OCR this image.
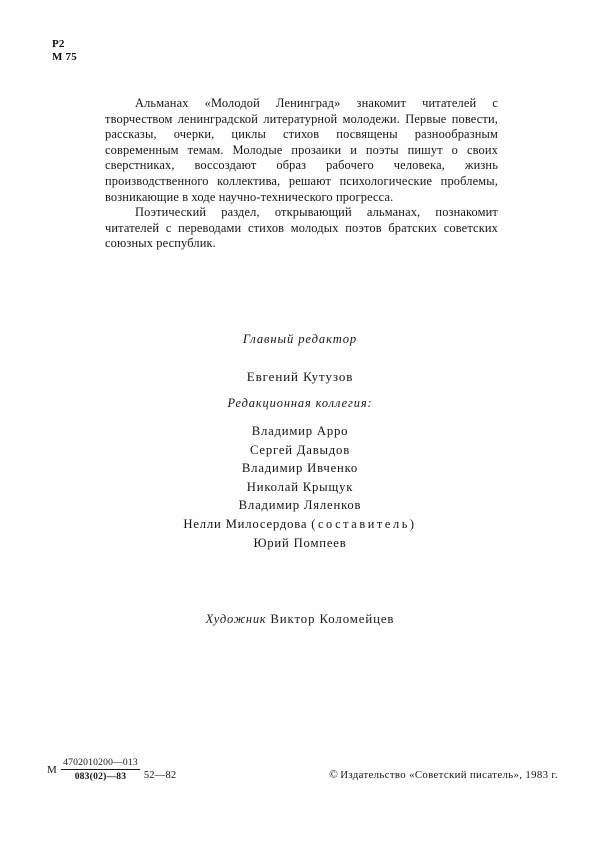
Р2
М 75

Альманах «Молодой Ленинград» знакомит читателей с творчеством ленинградской литературной молодежи. Первые повести, рассказы, очерки, циклы стихов посвящены разнообразным современным темам. Молодые прозаики и поэты пишут о своих сверстниках, воссоздают образ рабочего человека, жизнь производственного коллектива, решают психологические проблемы, возникающие в ходе научно-технического прогресса.

Поэтический раздел, открывающий альманах, познакомит читателей с переводами стихов молодых поэтов братских советских союзных республик.

Главный редактор
Евгений Кутузов
Редакционная коллегия:
Владимир Арро
Сергей Давыдов
Владимир Ивченко
Николай Крыщук
Владимир Ляленков
Нелли Милосердова (составитель)
Юрий Помпеев
Художник Виктор Коломейцев
М $\frac{4702010200—013}{083(02)—83}$ 52—82	© Издательство «Советский писатель», 1983 г.
